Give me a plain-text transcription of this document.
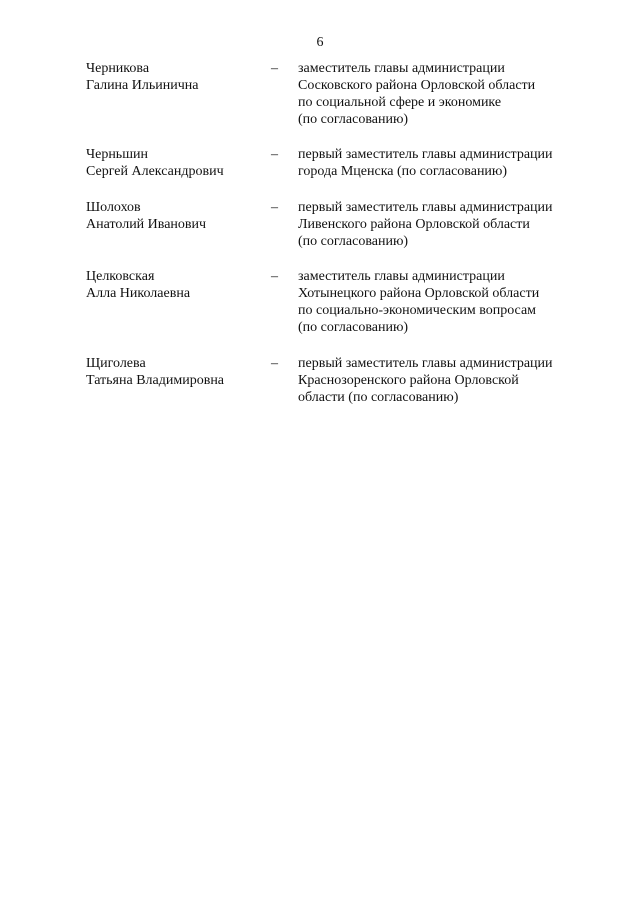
6
Черникова
Галина Ильинична
– заместитель главы администрации
Сосковского района Орловской области
по социальной сфере и экономике
(по согласованию)
Черньшин
Сергей Александрович
– первый заместитель главы администрации
города Мценска (по согласованию)
Шолохов
Анатолий Иванович
– первый заместитель главы администрации
Ливенского района Орловской области
(по согласованию)
Целковская
Алла Николаевна
– заместитель главы администрации
Хотынецкого района Орловской области
по социально-экономическим вопросам
(по согласованию)
Щиголева
Татьяна Владимировна
– первый заместитель главы администрации
Краснозоренского района Орловской
области (по согласованию)
